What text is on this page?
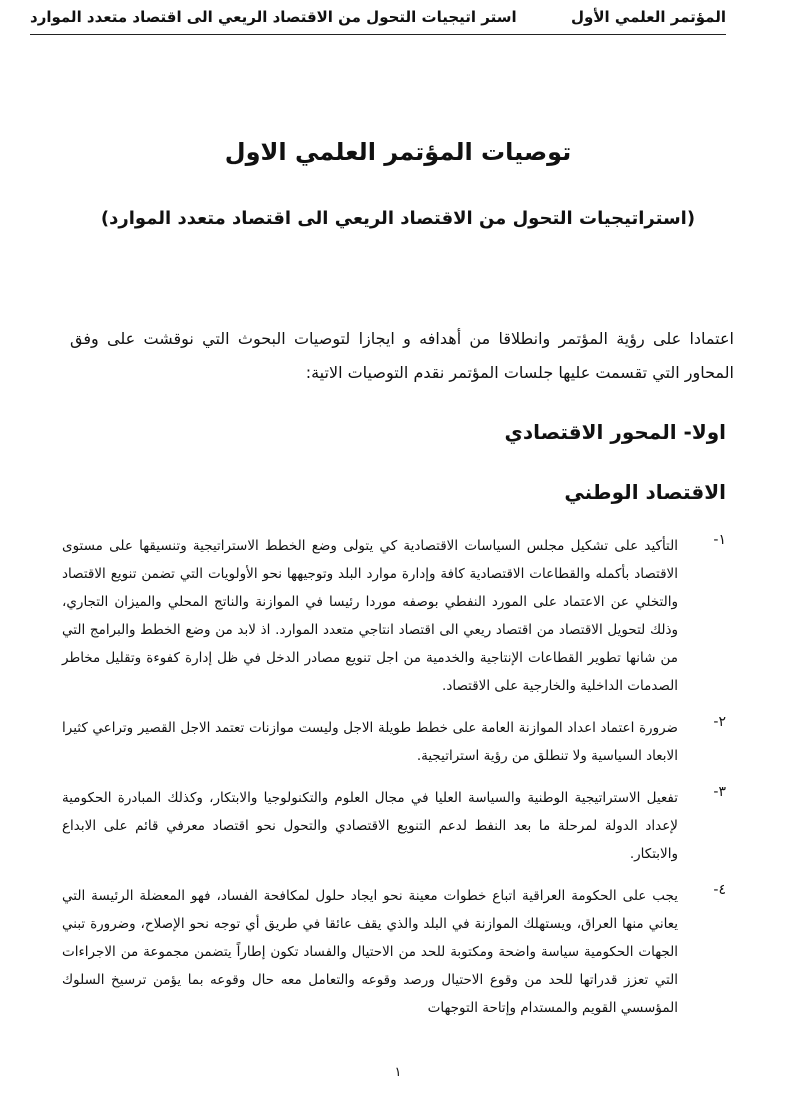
المؤتمر العلمي الأول
استر اتيجيات التحول من الاقتصاد الريعي الى اقتصاد متعدد الموارد
توصيات المؤتمر العلمي الاول
(استراتيجيات التحول من الاقتصاد الريعي الى اقتصاد متعدد الموارد)

اعتمادا على رؤية المؤتمر وانطلاقا من أهدافه و ايجازا لتوصيات البحوث التي نوقشت على وفق المحاور التي تقسمت عليها جلسات المؤتمر نقدم التوصيات الاتية:

اولا- المحور الاقتصادي
الاقتصاد الوطني
١-

التأكيد على تشكيل مجلس السياسات الاقتصادية كي يتولى وضع الخطط الاستراتيجية وتنسيقها على مستوى الاقتصاد بأكمله والقطاعات الاقتصادية كافة وإدارة موارد البلد وتوجيهها نحو الأولويات التي تضمن تنويع الاقتصاد والتخلي عن الاعتماد على المورد النفطي بوصفه موردا رئيسا في الموازنة والناتج المحلي والميزان التجاري، وذلك لتحويل الاقتصاد من اقتصاد ريعي الى اقتصاد انتاجي متعدد الموارد. اذ لابد من وضع الخطط والبرامج التي من شانها تطوير القطاعات الإنتاجية والخدمية من اجل تنويع مصادر الدخل في ظل إدارة كفوءة وتقليل مخاطر الصدمات الداخلية والخارجية على الاقتصاد.

٢-

ضرورة اعتماد اعداد الموازنة العامة على خطط طويلة الاجل وليست موازنات تعتمد الاجل القصير وتراعي كثيرا الابعاد السياسية ولا تنطلق من رؤية استراتيجية.

٣-

تفعيل الاستراتيجية الوطنية والسياسة العليا في مجال العلوم والتكنولوجيا والابتكار، وكذلك المبادرة الحكومية لإعداد الدولة لمرحلة ما بعد النفط لدعم التنويع الاقتصادي والتحول نحو اقتصاد معرفي قائم على الابداع والابتكار.

٤-

يجب على الحكومة العراقية اتباع خطوات معينة نحو ايجاد حلول لمكافحة الفساد، فهو المعضلة الرئيسة التي يعاني منها العراق، ويستهلك الموازنة في البلد والذي يقف عائقا في طريق أي توجه نحو الإصلاح، وضرورة تبني الجهات الحكومية سياسة واضحة ومكتوبة للحد من الاحتيال والفساد تكون إطاراً يتضمن مجموعة من الاجراءات التي تعزز قدراتها للحد من وقوع الاحتيال ورصد وقوعه والتعامل معه حال وقوعه بما يؤمن ترسيخ السلوك المؤسسي القويم والمستدام وإتاحة التوجهات

١
